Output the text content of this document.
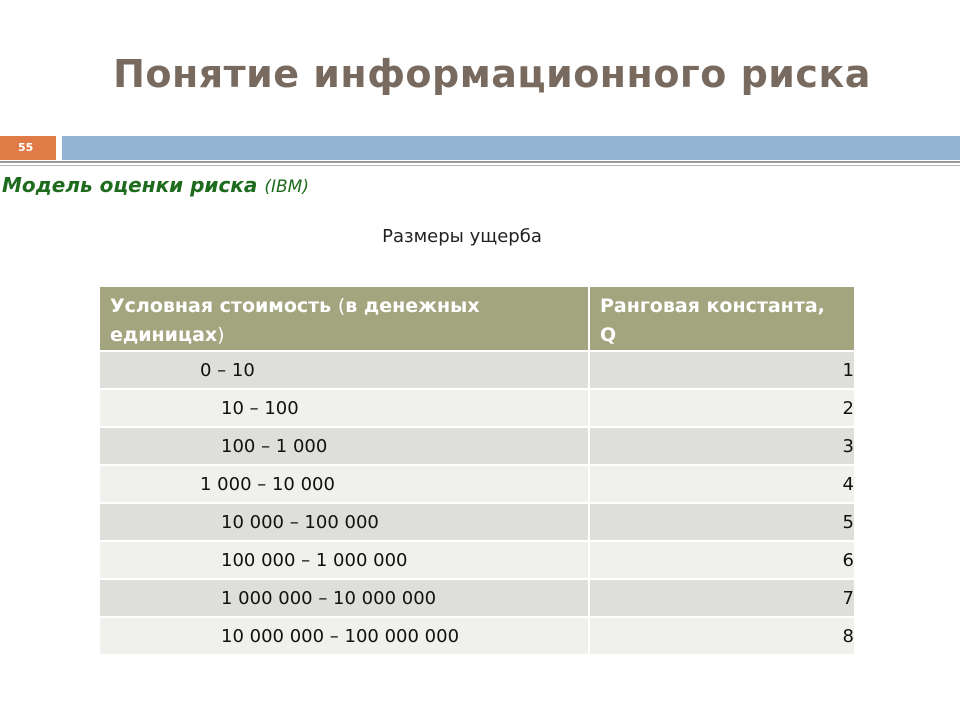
Понятие информационного риска
55
Модель оценки риска (IBM)
Размеры ущерба
Условная стоимость (в денежных единицах)	Ранговая константа, Q
0 – 10	1
10 – 100	2
100 – 1 000	3
1 000 – 10 000	4
10 000 – 100 000	5
100 000 – 1 000 000	6
1 000 000 – 10 000 000	7
10 000 000 – 100 000 000	8
